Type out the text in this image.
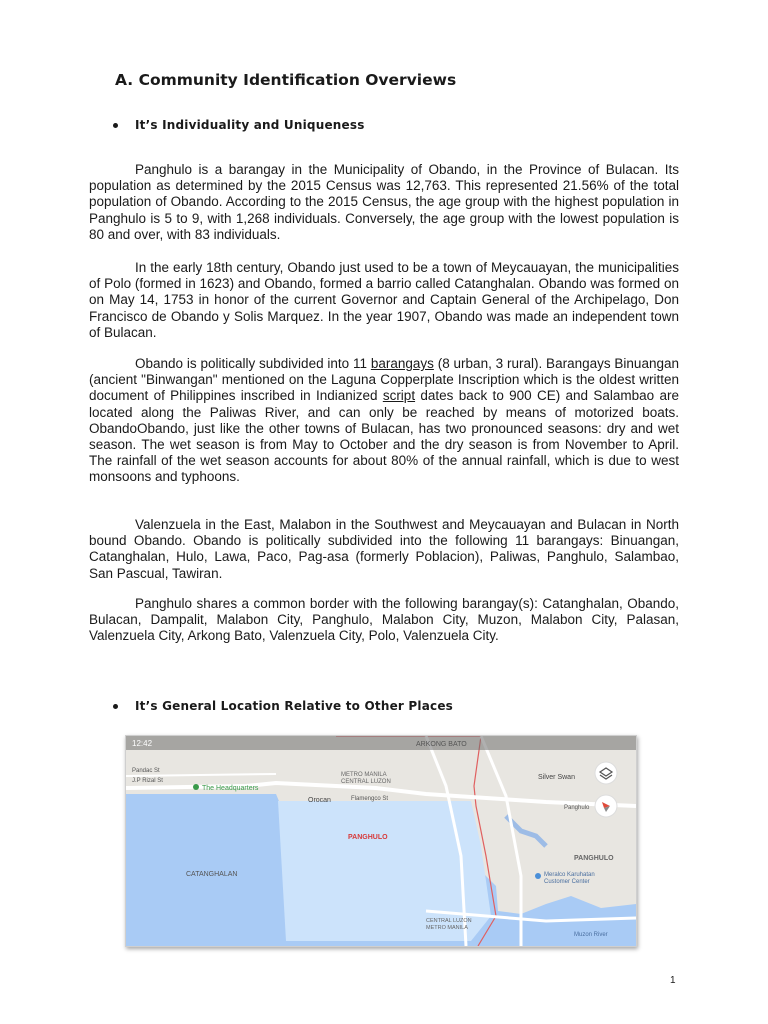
A. Community Identification Overviews
It’s Individuality and Uniqueness

Panghulo is a barangay in the Municipality of Obando, in the Province of Bulacan. Its population as determined by the 2015 Census was 12,763. This represented 21.56% of the total population of Obando. According to the 2015 Census, the age group with the highest population in Panghulo is 5 to 9, with 1,268 individuals. Conversely, the age group with the lowest population is 80 and over, with 83 individuals.

In the early 18th century, Obando just used to be a town of Meycauayan, the municipalities of Polo (formed in 1623) and Obando, formed a barrio called Catanghalan. Obando was formed on on May 14, 1753 in honor of the current Governor and Captain General of the Archipelago, Don Francisco de Obando y Solis Marquez. In the year 1907, Obando was made an independent town of Bulacan.

Obando is politically subdivided into 11 barangays (8 urban, 3 rural). Barangays Binuangan (ancient "Binwangan" mentioned on the Laguna Copperplate Inscription which is the oldest written document of Philippines inscribed in Indianized script dates back to 900 CE) and Salambao are located along the Paliwas River, and can only be reached by means of motorized boats. ObandoObando, just like the other towns of Bulacan, has two pronounced seasons: dry and wet season. The wet season is from May to October and the dry season is from November to April. The rainfall of the wet season accounts for about 80% of the annual rainfall, which is due to west monsoons and typhoons.

Valenzuela in the East, Malabon in the Southwest and Meycauayan and Bulacan in North bound Obando. Obando is politically subdivided into the following 11 barangays: Binuangan, Catanghalan, Hulo, Lawa, Paco, Pag-asa (formerly Poblacion), Paliwas, Panghulo, Salambao, San Pascual, Tawiran.

Panghulo shares a common border with the following barangay(s): Catanghalan, Obando, Bulacan, Dampalit, Malabon City, Panghulo, Malabon City, Muzon, Malabon City, Palasan, Valenzuela City, Arkong Bato, Valenzuela City, Polo, Valenzuela City.

It’s General Location Relative to Other Places
12:42	ARKONG BATO
METRO MANILA
CENTRAL LUZON
Pandac St
J.P Rizal St
The Headquarters
Orocan	Flamengco St
Silver Swan
Panghulo
PANGHULO
PANGHULO
CATANGHALAN	Meralco Karuhatan
Customer Center
Muzon River
CENTRAL LUZON
METRO MANILA
1
